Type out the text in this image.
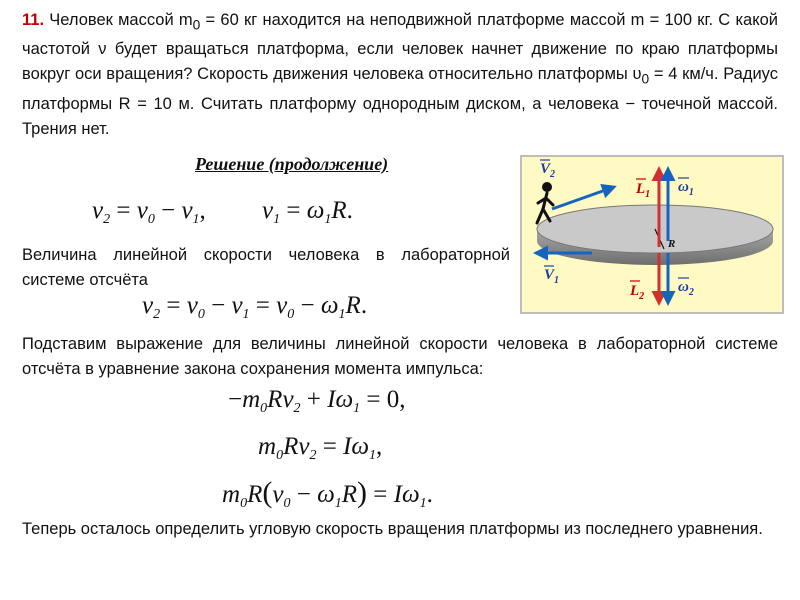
11. Человек массой $m_0 = 60$ кг находится на неподвижной платформе массой m = 100 кг. С какой частотой ν будет вращаться платформа, если человек начнет движение по краю платформы вокруг оси вращения? Скорость движения человека относительно платформы $\upsilon_0 = 4$ км/ч. Радиус платформы R = 10 м. Считать платформу однородным диском, а человека − точечной массой. Трения нет.
Решение (продолжение)
$v_2 = v_0 - v_1$, $v_1 = \omega_1R$.
Величина линейной скорости человека в лабораторной системе отсчёта
$v_2 = v_0 - v_1 = v_0 - \omega_1R$.
Подставим выражение для величины линейной скорости человека в лабораторной системе отсчёта в уравнение закона сохранения момента импульса:
$-m_0Rv_2 + I\omega_1 = 0$,
$m_0Rv_2 = I\omega_1$,
$m_0R(v_0 - \omega_1R) = I\omega_1$.
Теперь осталось определить угловую скорость вращения платформы из последнего уравнения.
$V_2$
$V_1$
$L_1$
$L_2$
$\omega_1$
$\omega_2$
R
